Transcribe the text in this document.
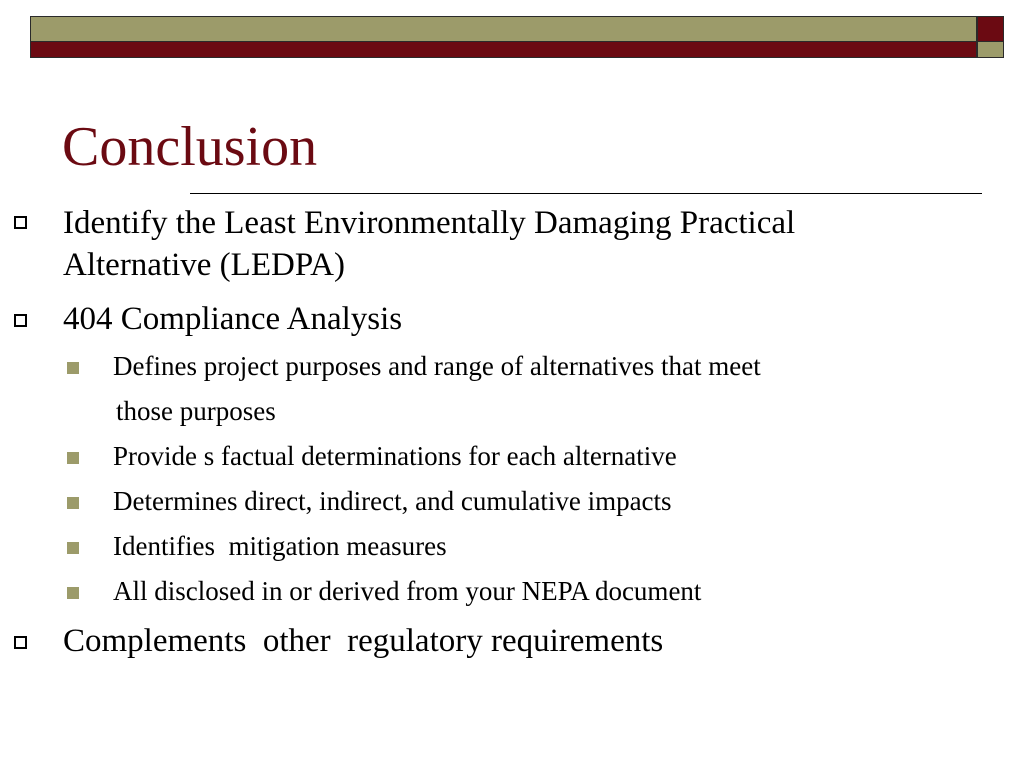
Conclusion
Identify the Least Environmentally Damaging Practical
Alternative (LEDPA)
404 Compliance Analysis
Defines project purposes and range of alternatives that meet
those purposes
Provide s factual determinations for each alternative
Determines direct, indirect, and cumulative impacts
Identifies  mitigation measures
All disclosed in or derived from your NEPA document
Complements  other  regulatory requirements
